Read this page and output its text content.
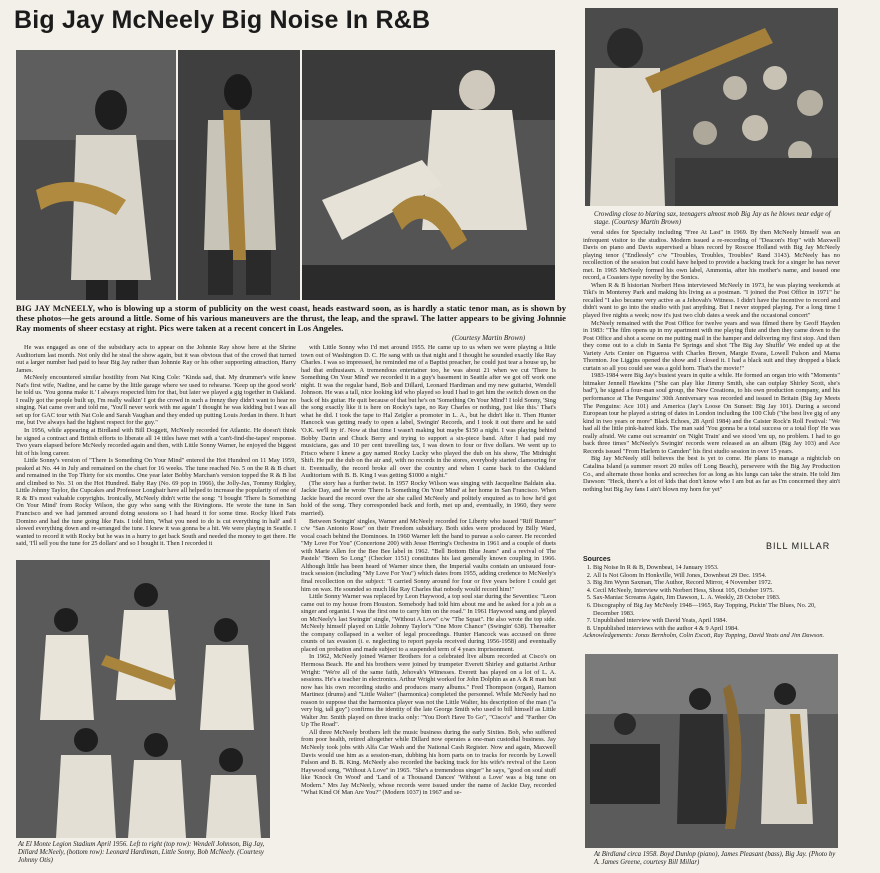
Big Jay McNeely Big Noise In R&B
BIG JAY McNEELY, who is blowing up a storm of publicity on the west coast, heads eastward soon, as is hardly a static tenor man, as is shown by these photos—he gets around a little. Some of his various maneuvers are the thrust, the leap, and the sprawl. The latter appears to be giving Johnnie Ray moments of sheer ecstasy at right. Pics were taken at a recent concert in Los Angeles.
(Courtesy Martin Brown)
Crowding close to blaring sax, teenagers almost mob Big Jay as he blows near edge of stage. (Courtesy Martin Brown)

He was engaged as one of the subsidiary acts to appear on the Johnnie Ray show here at the Shrine Auditorium last month. Not only did he steal the show again, but it was obvious that of the crowd that turned out a larger number had paid to hear Big Jay rather than Johnnie Ray or his other supporting attraction, Harry James.

McNeely encountered similar hostility from Nat King Cole: "Kinda sad, that. My drummer's wife knew Nat's first wife, Nadine, and he came by the little garage where we used to rehearse. 'Keep up the good work' he told us. 'You gonna make it.' I always respected him for that, but later we played a gig together in Oakland. I really got the people built up, I'm really walkin' I got the crowd in such a frenzy they didn't want to hear no singing. Nat came over and told me, 'You'll never work with me again' I thought he was kidding but I was all set up for GAC tour with Nat Cole and Sarah Vaughan and they ended up putting Louis Jordan in there. It hurt me, but I've always had the highest respect for the guy."

In 1956, while appearing at Birdland with Bill Doggett, McNeely recorded for Atlantic. He doesn't think he signed a contract and British efforts to liberate all 14 titles have met with a 'can't-find-the-tapes' response. Two years elapsed before McNeely recorded again and then, with Little Sonny Warner, he enjoyed the biggest hit of his long career.

Little Sonny's version of "There Is Something On Your Mind" entered the Hot Hundred on 11 May 1959, peaked at No. 44 in July and remained on the chart for 16 weeks. The tune reached No. 5 on the R & B chart and remained in the Top Thirty for six months. One year later Bobby Marchan's version topped the R & B list and climbed to No. 31 on the Hot Hundred. Baby Ray (No. 69 pop in 1966), the Jolly-Jax, Tommy Ridgley, Little Johnny Taylor, the Cupcakes and Professor Longhair have all helped to increase the popularity of one of R & B's most valuable copyrights. Ironically, McNeely didn't write the song: "I bought 'There Is Something On Your Mind' from Rocky Wilson, the guy who sang with the Rivingtons. He wrote the tune in San Francisco and we had jammed around doing sessions so I had heard it for some time. Rocky liked Fats Domino and had the tune going like Fats. I told him, 'What you need to do is cut everything in half' and I slowed everything down and re-arranged the tune. I knew it was gonna be a hit. We were playing in Seattle. I wanted to record it with Rocky but he was in a hurry to get back South and needed the money to get there. He said, 'I'll sell you the tune for 25 dollars' and so I bought it. Then I recorded it

At El Monte Legion Stadium April 1956. Left to right (top row): Wendell Johnson, Big Jay, Dillard McNeely, (bottom row): Leonard Hardiman, Little Sonny, Bob McNeely. (Courtesy Johnny Otis)

with Little Sonny who I'd met around 1955. He came up to us when we were playing a little town out of Washington D. C. He sang with us that night and I thought he sounded exactly like Ray Charles. I was so impressed, he reminded me of a Baptist preacher, he could just tear a house up, he had that enthusiasm. A tremendous entertainer too, he was about 21 when we cut 'There Is Something On Your Mind' we recorded it in a guy's basement in Seattle after we got off work one night. It was the regular band, Bob and Dillard, Leonard Hardiman and my new guitarist, Wendell Johnson. He was a tall, nice looking kid who played so loud I had to get him the switch down on the back of his guitar. He quit because of that but he's on 'Something On Your Mind'! I told Sonny, 'Sing the song exactly like it is here on Rocky's tape, no Ray Charles or nothing, just like this.' That's what he did. I took the tape to Hal Zeigler a promoter in L. A., but he didn't like it. Then Hunter Hancock was getting ready to open a label, Swingin' Records, and I took it out there and he said 'O.K. we'll try it'. Now at that time I wasn't making but maybe $150 a night. I was playing behind Bobby Darin and Chuck Berry and trying to support a six-piece band. After I had paid my musicians, gas and 10 per cent travelling tax, I was down to four or five dollars. We went up to Frisco where I knew a guy named Rocky Lucky who played the dub on his show, The Midnight Shift. He put the dub on the air and, with no records in the stores, everybody started clamouring for it. Eventually, the record broke all over the country and when I came back to the Oakland Auditorium with B. B. King I was getting $1000 a night."

(The story has a further twist. In 1957 Rocky Wilson was singing with Jacqueline Baldain aka. Jackie Day, and he wrote 'There Is Something On Your Mind' at her home in San Francisco. When Jackie heard the record over the air she called McNeely and politely enquired as to how he'd got hold of the song. They corresponded back and forth, met up and, eventually, in 1960, they were married).

Between Swingin' singles, Warner and McNeely recorded for Liberty who issued "Riff Runner" c/w "San Antonio Rose" on their Freedom subsidiary. Both sides were produced by Billy Ward, vocal coach behind the Dominoes. In 1960 Warner left the band to pursue a solo career. He recorded "My Love For You" (Concertone 200) with Jesse Herring's Orchestra in 1961 and a couple of duets with Marie Allen for the Bee Bee label in 1962. "Bell Bottom Blue Jeans" and a revival of The Pastels' "Been So Long" (Checker 1151) constitutes his last generally known coupling in 1966. Although little has been heard of Warner since then, the Imperial vaults contain an unissued four-track session (including "My Love For You") which dates from 1955, adding credence to McNeely's final recollection on the subject: "I carried Sonny around for four or five years before I could get him on wax. He sounded so much like Ray Charles that nobody would record him!"

Little Sonny Warner was replaced by Leon Haywood, a top soul star during the Seventies: "Leon came out to my house from Houston. Somebody had told him about me and he asked for a job as a singer and organist. I was the first one to carry him on the road." In 1961 Haywood sang and played on McNeely's last Swingin' single, "Without A Love" c/w "The Squat". He also wrote the top side. McNeely himself played on Little Johnny Taylor's "One More Chance" (Swingin' 638). Thereafter the company collapsed in a welter of legal proceedings. Hunter Hancock was accused on three counts of tax evasion (i. e. neglecting to report payola received during 1956-1958) and eventually placed on probation and made subject to a suspended term of 4 years imprisonment.

In 1962, McNeely joined Warner Brothers for a celebrated live album recorded at Cisco's on Hermosa Beach. He and his brothers were joined by trumpeter Everett Shirley and guitarist Arthur Wright: "We're all of the same faith, Jehovah's Witnesses. Everett has played on a lot of L. A. sessions. He's a teacher in electronics. Arthur Wright worked for John Dolphin as an A & R man but now has his own recording studio and produces many albums." Fred Thompson (organ), Ramon Martinez (drums) and "Little Walter" (harmonica) completed the personnel. While McNeely had no reason to suppose that the harmonica player was not the Little Walter, his description of the man ("a very big, tall guy") confirms the identity of the late George Smith who used to bill himself as Little Walter Jnr. Smith played on three tracks only: "You Don't Have To Go", "Cisco's" and "Farther On Up The Road".

All three McNeely brothers left the music business during the early Sixties. Bob, who suffered from poor health, retired altogether while Dillard now operates a one-man custodial business. Jay McNeely took jobs with Alfa Car Wash and the National Cash Register. Now and again, Maxwell Davis would use him as a session-man, dubbing his horn parts on to tracks for records by Lowell Fulson and B. B. King. McNeely also recorded the backing track for his wife's revival of the Leon Haywood song, "Without A Love" in 1965. "She's a tremendous singer" he says, "good on soul stuff like 'Knock On Wood' and 'Land of a Thousand Dances' 'Without a Love' was a big tune on Modern." Mrs Jay McNeely, whose records were issued under the name of Jackie Day, recorded "What Kind Of Man Are You?" (Modern 1037) in 1967 and se-

veral sides for Specialty including "Free At Last" in 1969. By then McNeely himself was an infrequent visitor to the studios. Modern issued a re-recording of "Deacon's Hop" with Maxwell Davis on piano and Davis supervised a blues record by Roscoe Holland with Big Jay McNeely playing tenor ("Endlessly" c/w "Troubles, Troubles, Troubles" Rand 3143). McNeely has no recollection of the session but could have helped to provide a backing track for a singer he has never met. In 1965 McNeely formed his own label, Ammonia, after his mother's name, and issued one record, a Coasters type novelty by the Sonics.

When R & B historian Norbert Hess interviewed McNeely in 1973, he was playing weekends at Tiki's in Monterey Park and making his living as a postman. "I joined the Post Office in 1971" he recalled "I also became very active as a Jehovah's Witness. I didn't have the incentive to record and didn't want to go into the studio with just anything. But I never stopped playing. For a long time I played five nights a week; now it's just two club dates a week and the occasional concert"

McNeely remained with the Post Office for twelve years and was filmed there by Geoff Hayden in 1983: "The film opens up in my apartment with me playing flute and then they came down to the Post Office and shot a scene on me putting mail in the hamper and delivering my first stop. And then they come out to a club in Santa Fe Springs and shot 'The Big Jay Shuffle' We ended up at the Variety Arts Center on Figueroa with Charles Brown, Margie Evans, Lowell Fulson and Mama Thornton. Joe Liggins opened the show and I closed it. I had a black suit and they dropped a black curtain so all you could see was a gold horn. That's the movie!"

1983-1984 were Big Jay's busiest years in quite a while. He formed an organ trio with "Moments" hitmaker Jennell Hawkins ("She can play like Jimmy Smith, she can outplay Shirley Scott, she's bad"), he signed a four-man soul group, the New Creations, to his own production company, and his performance at The Penguins' 30th Anniversary was recorded and issued in Britain (Big Jay Meets The Penguins: Ace 101) and America (Jay's Loose On Sunset: Big Jay 101). During a second European tour he played a string of dates in London including the 100 Club ("the best live gig of any kind in two years or more" Black Echoes, 28 April 1984) and the Caister Rock'n Roll Festival: "We had all the little pink-haired kids. The man said 'You gonna be a total success or a total flop' He was really afraid. We came out screamin' on 'Night Train' and we stood 'em up, no problem. I had to go back three times" McNeely's Swingin' records were released as an album (Big Jay 103) and Ace Records issued "From Harlem to Camden" his first studio session in over 15 years.

Big Jay McNeely still believes the best is yet to come. He plans to manage a nightclub on Catalina Island (a summer resort 20 miles off Long Beach), persevere with the Big Jay Production Co., and alternate those honks and screeches for as long as his lungs can take the strain. He told Jim Dawson: "Heck, there's a lot of kids that don't know who I am but as far as I'm concerned they ain't nothing but Big Jay fans I ain't blown my horn for yet"

BILL MILLAR
Sources
1. Big Noise In R & B, Downbeat, 14 January 1953.
2. All Is Not Gloom In Honkville, Will Jones, Downbeat 29 Dec. 1954.
3. Big Jim Wynn Saxman, The Author, Record Mirror, 4 November 1972.
4. Cecil McNeely, Interview with Norbert Hess, Shout 105, October 1975.
5. Sax-Maniac Screams Again, Jim Dawson, L. A. Weekly, 28 October 1983.
6. Discography of Big Jay McNeely 1948—1965, Ray Topping, Pickin' The Blues, No. 20, December 1983.
7. Unpublished interview with David Yeats, April 1984.
8. Unpublished interviews with the author 4 & 9 April 1984.
Acknowledgements: Jonas Bernholm, Colin Escott, Ray Topping, David Yeats and Jim Dawson.
At Birdland circa 1958. Boyd Dunlop (piano), James Pleasant (bass), Big Jay. (Photo by A. James Greene, courtesy Bill Millar)
